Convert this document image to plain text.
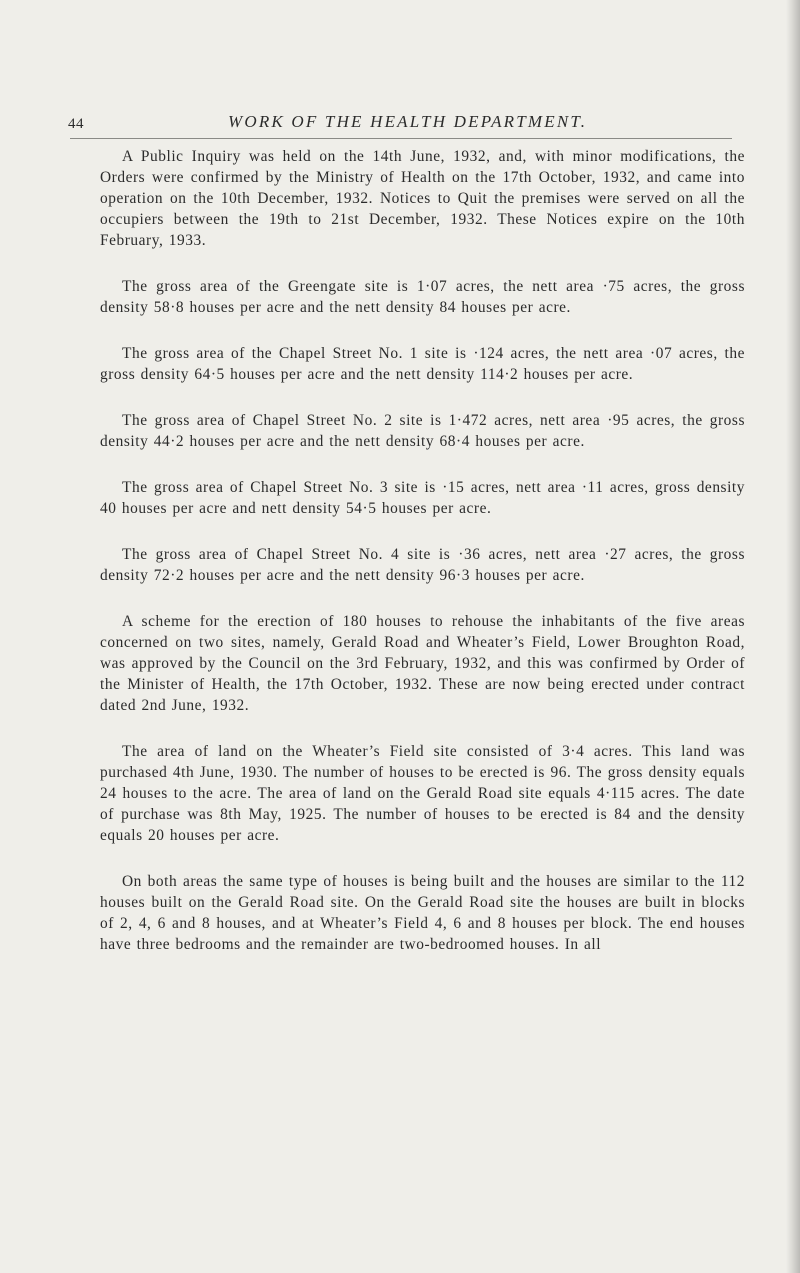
44	WORK OF THE HEALTH DEPARTMENT.

A Public Inquiry was held on the 14th June, 1932, and, with minor modifications, the Orders were confirmed by the Ministry of Health on the 17th October, 1932, and came into operation on the 10th December, 1932. Notices to Quit the premises were served on all the occupiers between the 19th to 21st December, 1932. These Notices expire on the 10th February, 1933.

The gross area of the Greengate site is 1·07 acres, the nett area ·75 acres, the gross density 58·8 houses per acre and the nett density 84 houses per acre.

The gross area of the Chapel Street No. 1 site is ·124 acres, the nett area ·07 acres, the gross density 64·5 houses per acre and the nett density 114·2 houses per acre.

The gross area of Chapel Street No. 2 site is 1·472 acres, nett area ·95 acres, the gross density 44·2 houses per acre and the nett density 68·4 houses per acre.

The gross area of Chapel Street No. 3 site is ·15 acres, nett area ·11 acres, gross density 40 houses per acre and nett density 54·5 houses per acre.

The gross area of Chapel Street No. 4 site is ·36 acres, nett area ·27 acres, the gross density 72·2 houses per acre and the nett density 96·3 houses per acre.

A scheme for the erection of 180 houses to rehouse the inhabitants of the five areas concerned on two sites, namely, Gerald Road and Wheater’s Field, Lower Broughton Road, was approved by the Council on the 3rd February, 1932, and this was confirmed by Order of the Minister of Health, the 17th October, 1932. These are now being erected under contract dated 2nd June, 1932.

The area of land on the Wheater’s Field site consisted of 3·4 acres. This land was purchased 4th June, 1930. The number of houses to be erected is 96. The gross density equals 24 houses to the acre. The area of land on the Gerald Road site equals 4·115 acres. The date of purchase was 8th May, 1925. The number of houses to be erected is 84 and the density equals 20 houses per acre.

On both areas the same type of houses is being built and the houses are similar to the 112 houses built on the Gerald Road site. On the Gerald Road site the houses are built in blocks of 2, 4, 6 and 8 houses, and at Wheater’s Field 4, 6 and 8 houses per block. The end houses have three bedrooms and the remainder are two-bedroomed houses. In all
